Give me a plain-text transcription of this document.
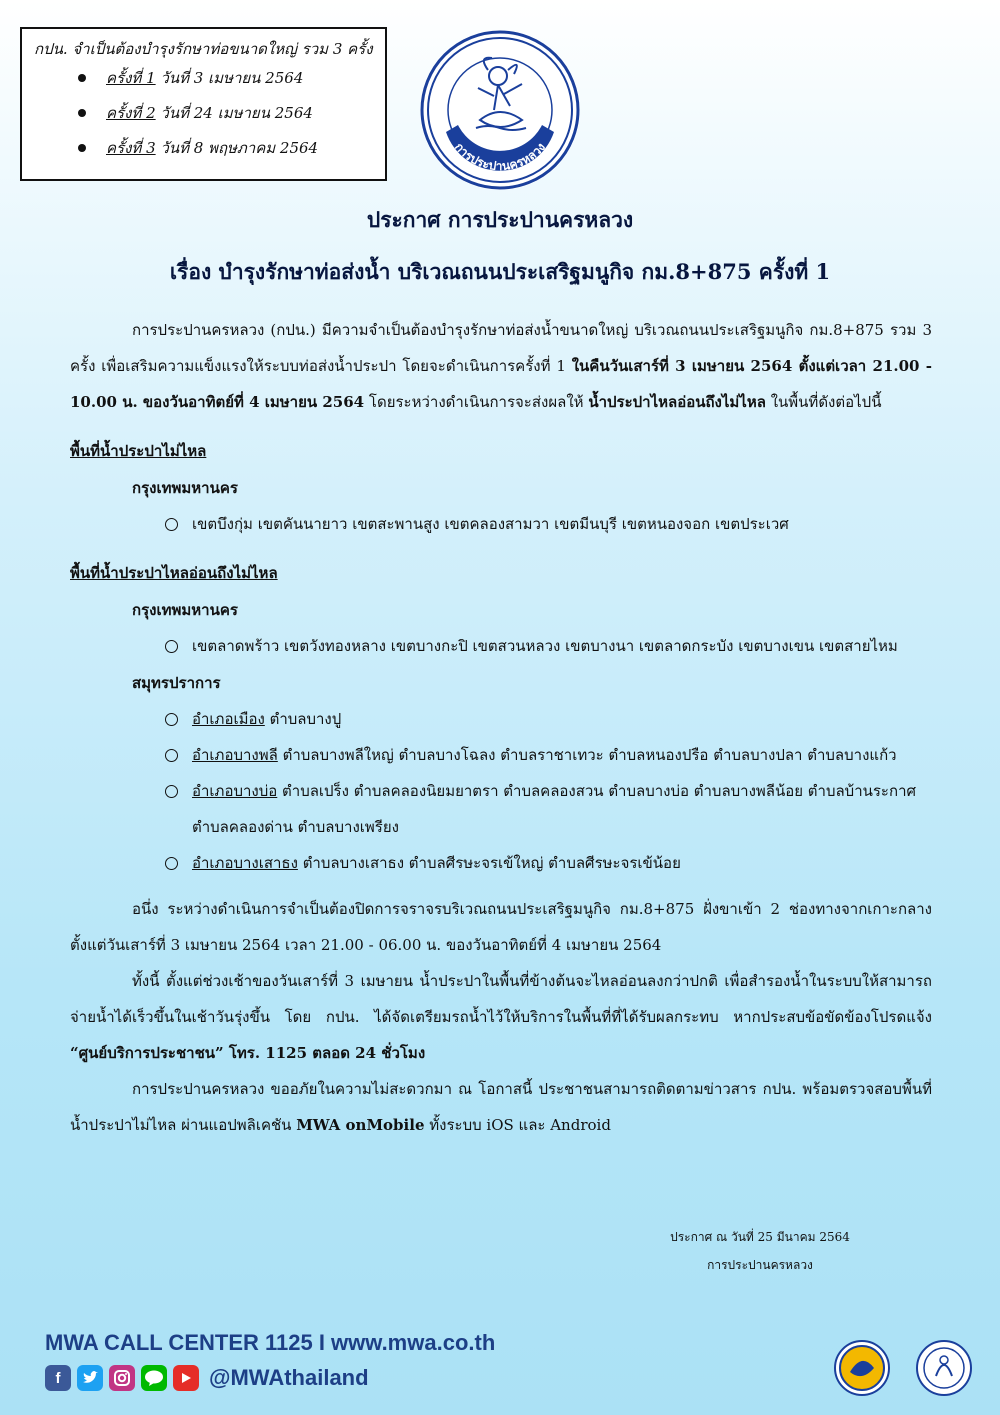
กปน. จำเป็นต้องบำรุงรักษาท่อขนาดใหญ่ รวม 3 ครั้ง
ครั้งที่ 1 วันที่ 3 เมษายน 2564
ครั้งที่ 2 วันที่ 24 เมษายน 2564
ครั้งที่ 3 วันที่ 8 พฤษภาคม 2564	การประปานครหลวง
ประกาศ การประปานครหลวง
เรื่อง บำรุงรักษาท่อส่งน้ำ บริเวณถนนประเสริฐมนูกิจ กม.8+875 ครั้งที่ 1

การประปานครหลวง (กปน.) มีความจำเป็นต้องบำรุงรักษาท่อส่งน้ำขนาดใหญ่ บริเวณถนนประเสริฐมนูกิจ กม.8+875 รวม 3 ครั้ง เพื่อเสริมความแข็งแรงให้ระบบท่อส่งน้ำประปา โดยจะดำเนินการครั้งที่ 1 ในคืนวันเสาร์ที่ 3 เมษายน 2564 ตั้งแต่เวลา 21.00 - 10.00 น. ของวันอาทิตย์ที่ 4 เมษายน 2564 โดยระหว่างดำเนินการจะส่งผลให้ น้ำประปาไหลอ่อนถึงไม่ไหล ในพื้นที่ดังต่อไปนี้

พื้นที่น้ำประปาไม่ไหล
กรุงเทพมหานคร
เขตบึงกุ่ม เขตคันนายาว เขตสะพานสูง เขตคลองสามวา เขตมีนบุรี เขตหนองจอก เขตประเวศ
พื้นที่น้ำประปาไหลอ่อนถึงไม่ไหล
กรุงเทพมหานคร
เขตลาดพร้าว เขตวังทองหลาง เขตบางกะปิ เขตสวนหลวง เขตบางนา เขตลาดกระบัง เขตบางเขน เขตสายไหม
สมุทรปราการ
อำเภอเมือง ตำบลบางปู
อำเภอบางพลี ตำบลบางพลีใหญ่ ตำบลบางโฉลง ตำบลราชาเทวะ ตำบลหนองปรือ ตำบลบางปลา ตำบลบางแก้ว
อำเภอบางบ่อ ตำบลเปร็ง ตำบลคลองนิยมยาตรา ตำบลคลองสวน ตำบลบางบ่อ ตำบลบางพลีน้อย ตำบลบ้านระกาศ ตำบลคลองด่าน ตำบลบางเพรียง
อำเภอบางเสาธง ตำบลบางเสาธง ตำบลศีรษะจรเข้ใหญ่ ตำบลศีรษะจรเข้น้อย

อนึ่ง ระหว่างดำเนินการจำเป็นต้องปิดการจราจรบริเวณถนนประเสริฐมนูกิจ กม.8+875 ฝั่งขาเข้า 2 ช่องทางจากเกาะกลาง ตั้งแต่วันเสาร์ที่ 3 เมษายน 2564 เวลา 21.00 - 06.00 น. ของวันอาทิตย์ที่ 4 เมษายน 2564

ทั้งนี้ ตั้งแต่ช่วงเช้าของวันเสาร์ที่ 3 เมษายน น้ำประปาในพื้นที่ข้างต้นจะไหลอ่อนลงกว่าปกติ เพื่อสำรองน้ำในระบบให้สามารถจ่ายน้ำได้เร็วขึ้นในเช้าวันรุ่งขึ้น โดย กปน. ได้จัดเตรียมรถน้ำไว้ให้บริการในพื้นที่ที่ได้รับผลกระทบ หากประสบข้อขัดข้องโปรดแจ้ง “ศูนย์บริการประชาชน” โทร. 1125 ตลอด 24 ชั่วโมง

การประปานครหลวง ขออภัยในความไม่สะดวกมา ณ โอกาสนี้ ประชาชนสามารถติดตามข่าวสาร กปน. พร้อมตรวจสอบพื้นที่น้ำประปาไม่ไหล ผ่านแอปพลิเคชัน MWA onMobile ทั้งระบบ iOS และ Android

ประกาศ ณ วันที่ 25 มีนาคม 2564
การประปานครหลวง
MWA CALL CENTER 1125 I www.mwa.co.th
f	@MWAthailand
